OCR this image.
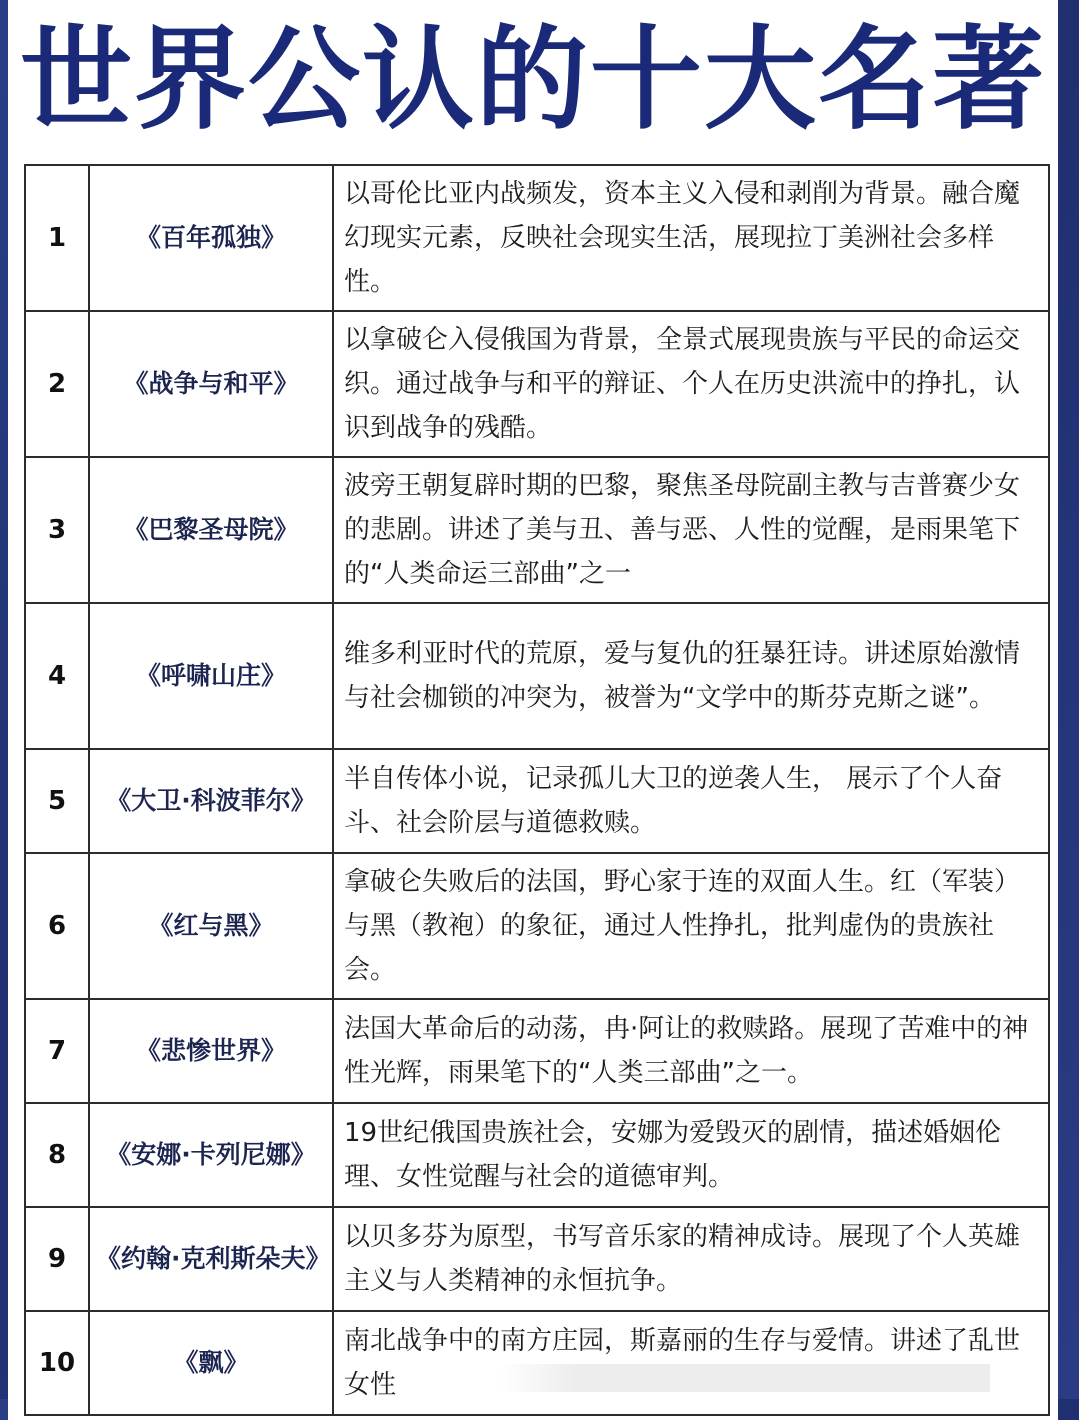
世界公认的十大名著
1	《百年孤独》	以哥伦比亚内战频发，资本主义入侵和剥削为背景。融合魔幻现实元素，反映社会现实生活，展现拉丁美洲社会多样性。
2	《战争与和平》	以拿破仑入侵俄国为背景，全景式展现贵族与平民的命运交织。通过战争与和平的辩证、个人在历史洪流中的挣扎，认识到战争的残酷。
3	《巴黎圣母院》	波旁王朝复辟时期的巴黎，聚焦圣母院副主教与吉普赛少女的悲剧。讲述了美与丑、善与恶、人性的觉醒，是雨果笔下的“人类命运三部曲”之一
4	《呼啸山庄》	维多利亚时代的荒原，爱与复仇的狂暴狂诗。讲述原始激情与社会枷锁的冲突为，被誉为“文学中的斯芬克斯之谜”。
5	《大卫·科波菲尔》	半自传体小说，记录孤儿大卫的逆袭人生， 展示了个人奋斗、社会阶层与道德救赎。
6	《红与黑》	拿破仑失败后的法国，野心家于连的双面人生。红（军装）与黑（教袍）的象征，通过人性挣扎，批判虚伪的贵族社会。
7	《悲惨世界》	法国大革命后的动荡，冉·阿让的救赎路。展现了苦难中的神性光辉，雨果笔下的“人类三部曲”之一。
8	《安娜·卡列尼娜》	19世纪俄国贵族社会，安娜为爱毁灭的剧情，描述婚姻伦理、女性觉醒与社会的道德审判。
9	《约翰·克利斯朵夫》	以贝多芬为原型，书写音乐家的精神成诗。展现了个人英雄主义与人类精神的永恒抗争。
10	《飘》	南北战争中的南方庄园，斯嘉丽的生存与爱情。讲述了乱世女性
